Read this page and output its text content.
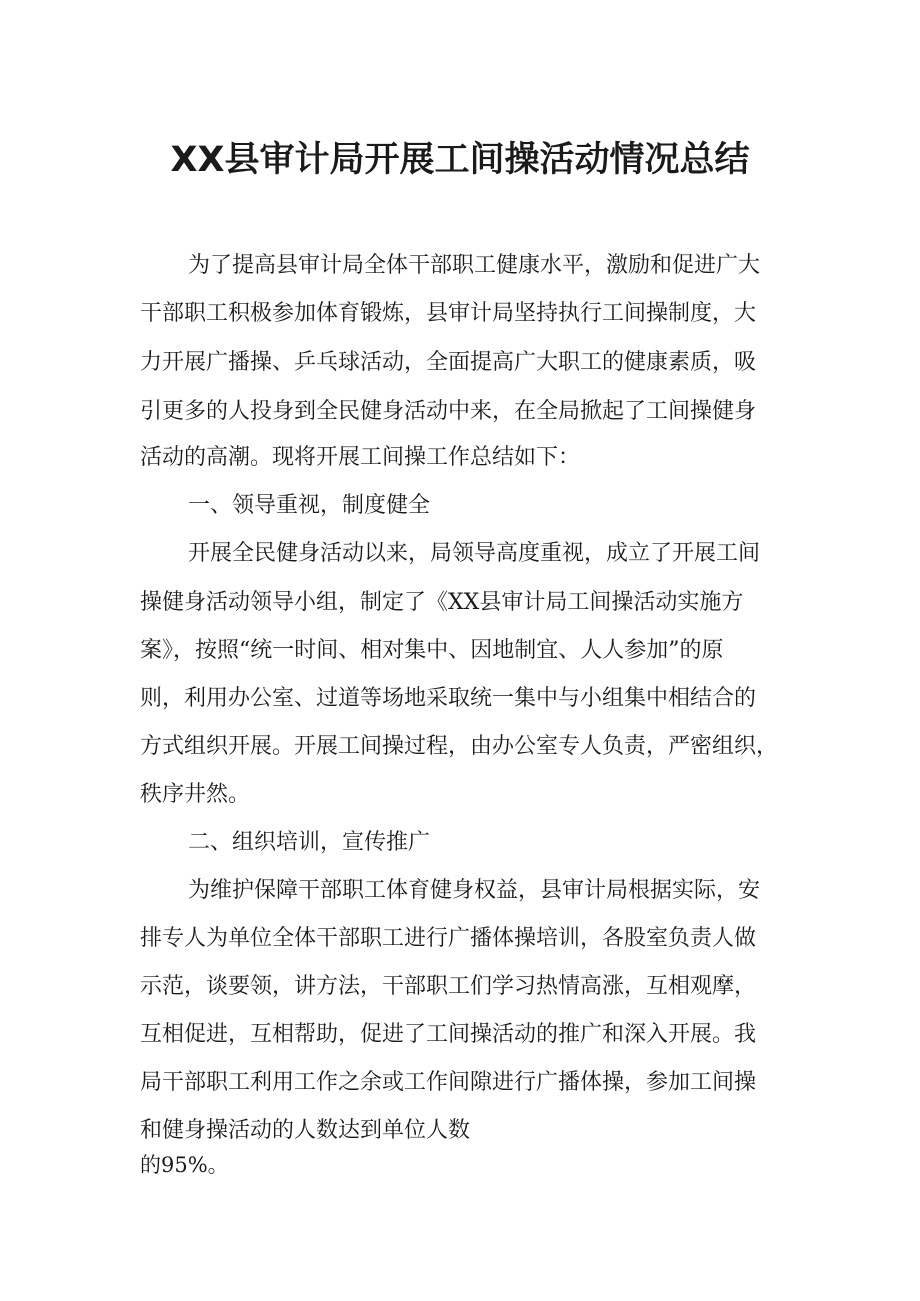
XX县审计局开展工间操活动情况总结
为了提高县审计局全体干部职工健康水平，激励和促进广大
干部职工积极参加体育锻炼，县审计局坚持执行工间操制度，大
力开展广播操、乒乓球活动，全面提高广大职工的健康素质，吸
引更多的人投身到全民健身活动中来，在全局掀起了工间操健身
活动的高潮。现将开展工间操工作总结如下：
一、领导重视，制度健全
开展全民健身活动以来，局领导高度重视，成立了开展工间
操健身活动领导小组，制定了《XX县审计局工间操活动实施方
案》，按照“统一时间、相对集中、因地制宜、人人参加”的原
则，利用办公室、过道等场地采取统一集中与小组集中相结合的
方式组织开展。开展工间操过程，由办公室专人负责，严密组织，
秩序井然。
二、组织培训，宣传推广
为维护保障干部职工体育健身权益，县审计局根据实际，安
排专人为单位全体干部职工进行广播体操培训，各股室负责人做
示范，谈要领，讲方法，干部职工们学习热情高涨，互相观摩，
互相促进，互相帮助，促进了工间操活动的推广和深入开展。我
局干部职工利用工作之余或工作间隙进行广播体操，参加工间操
和健身操活动的人数达到单位人数
的95%。
